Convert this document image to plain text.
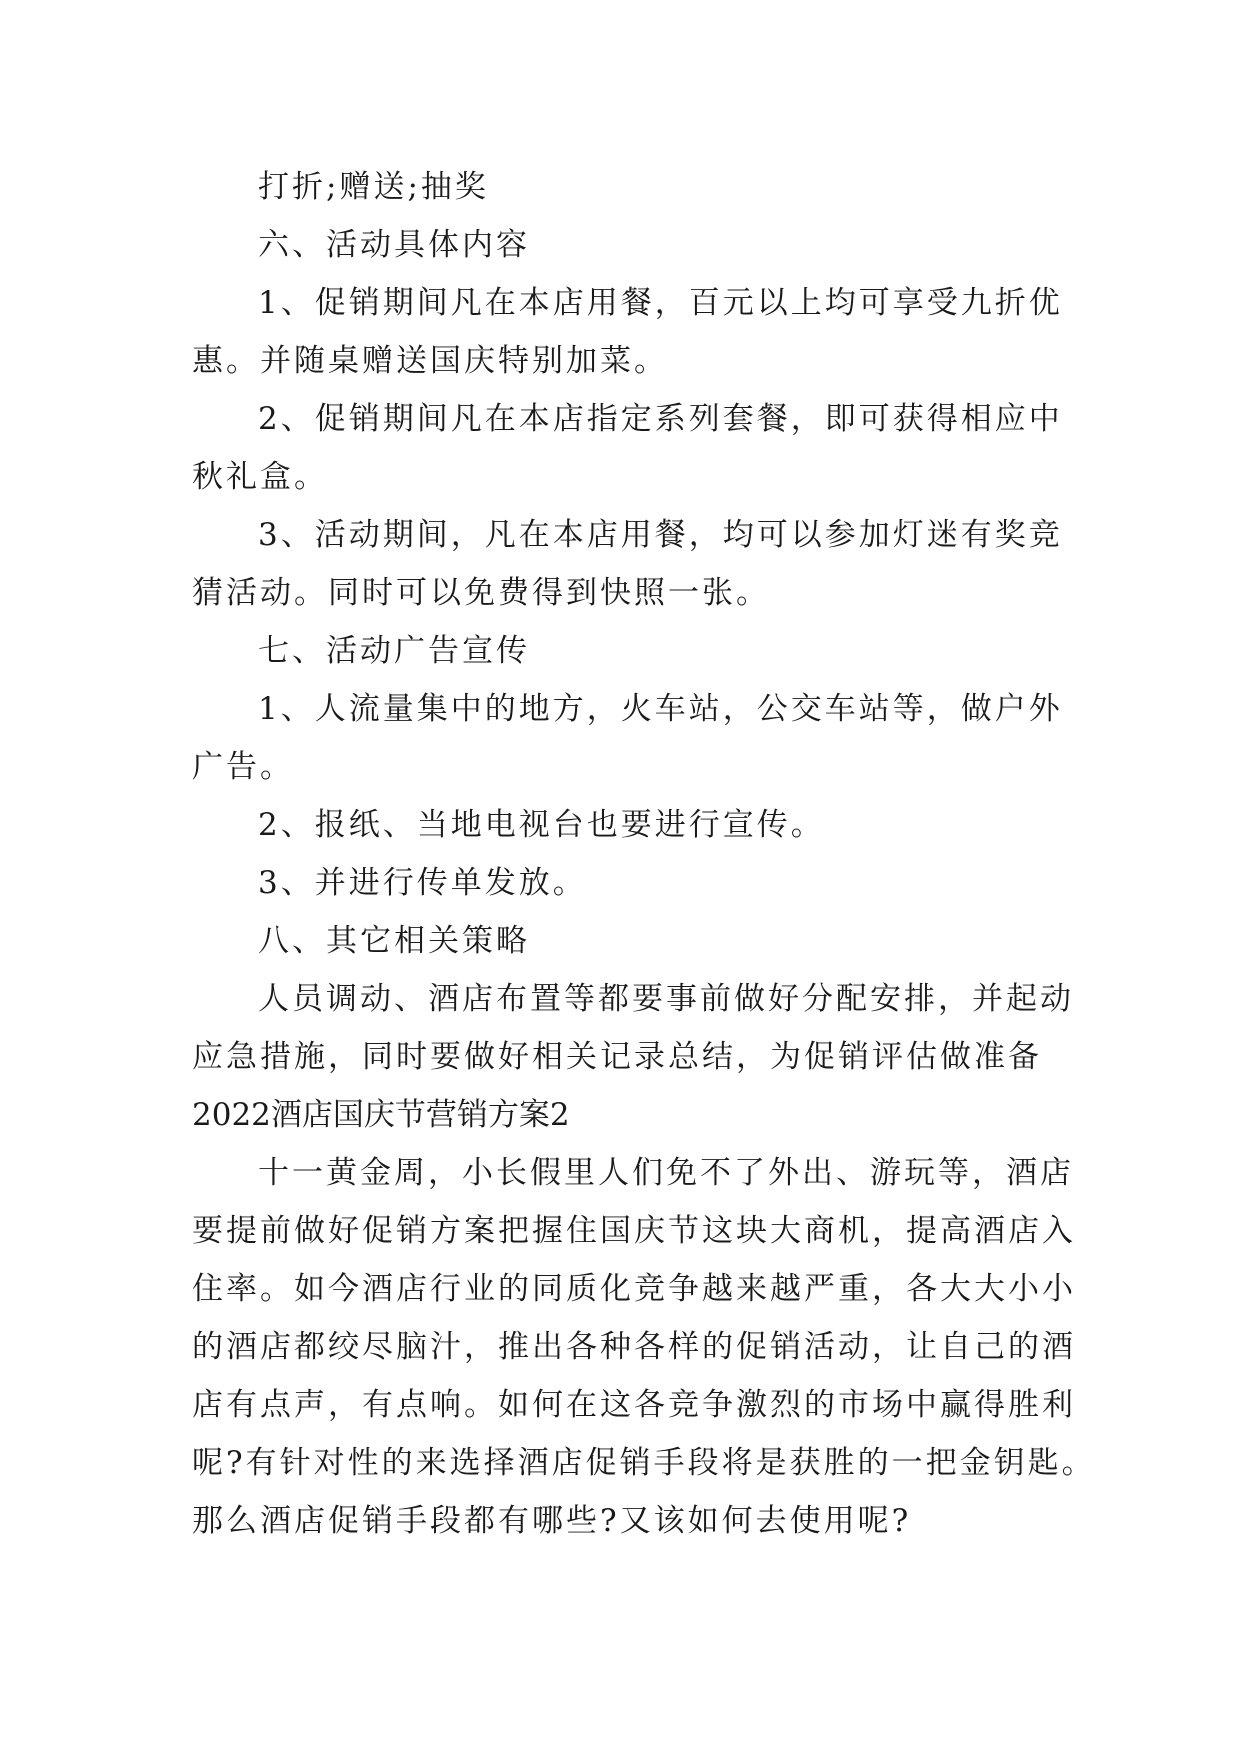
打折;赠送;抽奖
六、活动具体内容
1、促销期间凡在本店用餐，百元以上均可享受九折优
惠。并随桌赠送国庆特别加菜。
2、促销期间凡在本店指定系列套餐，即可获得相应中
秋礼盒。
3、活动期间，凡在本店用餐，均可以参加灯迷有奖竞
猜活动。同时可以免费得到快照一张。
七、活动广告宣传
1、人流量集中的地方，火车站，公交车站等，做户外
广告。
2、报纸、当地电视台也要进行宣传。
3、并进行传单发放。
八、其它相关策略
人员调动、酒店布置等都要事前做好分配安排，并起动
应急措施，同时要做好相关记录总结，为促销评估做准备
2022酒店国庆节营销方案2
十一黄金周，小长假里人们免不了外出、游玩等，酒店
要提前做好促销方案把握住国庆节这块大商机，提高酒店入
住率。如今酒店行业的同质化竞争越来越严重，各大大小小
的酒店都绞尽脑汁，推出各种各样的促销活动，让自己的酒
店有点声，有点响。如何在这各竞争激烈的市场中赢得胜利
呢?有针对性的来选择酒店促销手段将是获胜的一把金钥匙。
那么酒店促销手段都有哪些?又该如何去使用呢?
